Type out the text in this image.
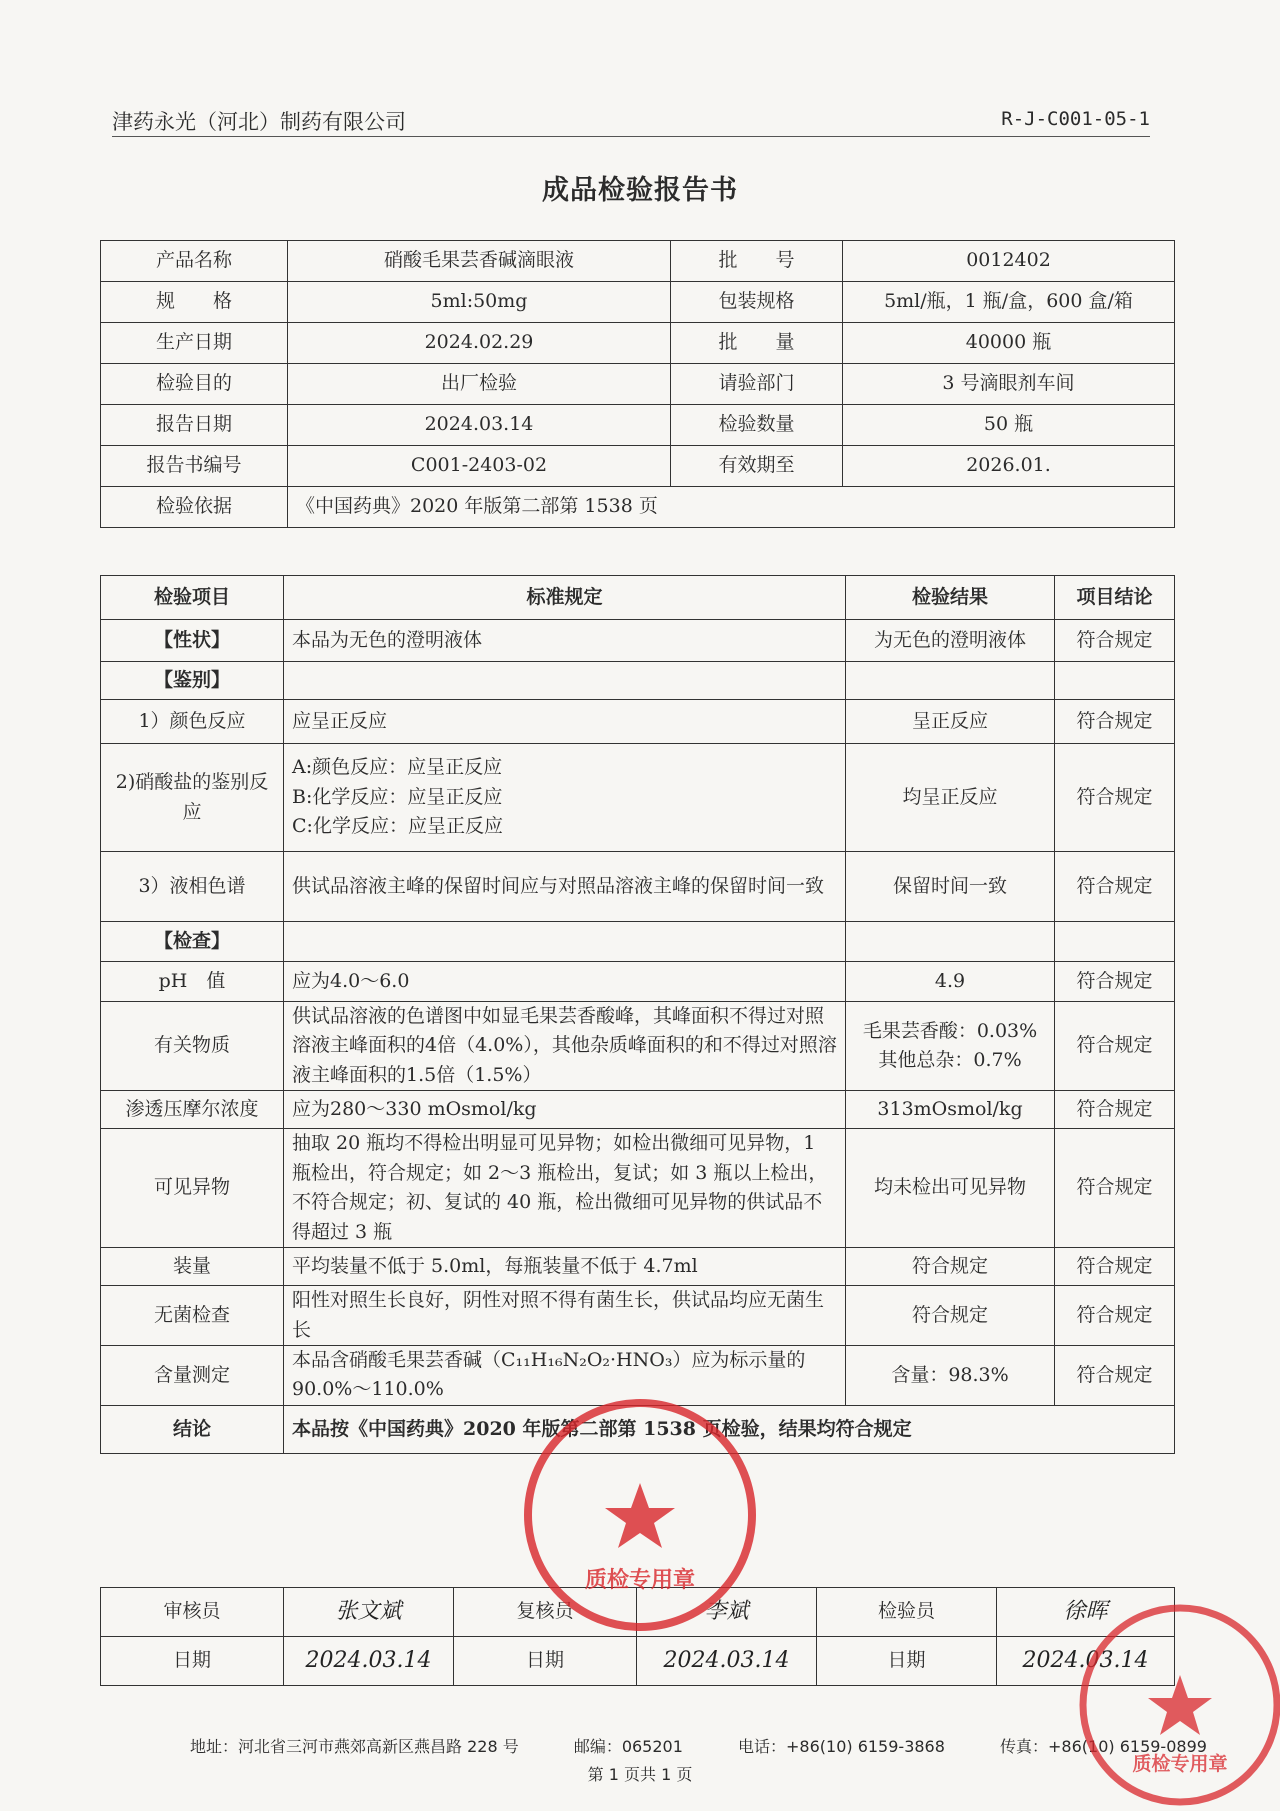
津药永光（河北）制药有限公司	R-J-C001-05-1
成品检验报告书
产品名称	硝酸毛果芸香碱滴眼液	批　　号	0012402
规　　格	5ml:50mg	包装规格	5ml/瓶，1 瓶/盒，600 盒/箱
生产日期	2024.02.29	批　　量	40000 瓶
检验目的	出厂检验	请验部门	3 号滴眼剂车间
报告日期	2024.03.14	检验数量	50 瓶
报告书编号	C001-2403-02	有效期至	2026.01.
检验依据	《中国药典》2020 年版第二部第 1538 页		
检验项目	标准规定	检验结果	项目结论
【性状】	本品为无色的澄明液体	为无色的澄明液体	符合规定
【鉴别】			
1）颜色反应	应呈正反应	呈正反应	符合规定
2)硝酸盐的鉴别反应	A:颜色反应：应呈正反应
B:化学反应：应呈正反应
C:化学反应：应呈正反应	均呈正反应	符合规定
3）液相色谱	供试品溶液主峰的保留时间应与对照品溶液主峰的保留时间一致	保留时间一致	符合规定
【检查】			
pH　值	应为4.0～6.0	4.9	符合规定
有关物质	供试品溶液的色谱图中如显毛果芸香酸峰，其峰面积不得过对照溶液主峰面积的4倍（4.0%），其他杂质峰面积的和不得过对照溶液主峰面积的1.5倍（1.5%）	毛果芸香酸：0.03%
其他总杂：0.7%	符合规定
渗透压摩尔浓度	应为280～330 mOsmol/kg	313mOsmol/kg	符合规定
可见异物	抽取 20 瓶均不得检出明显可见异物；如检出微细可见异物，1 瓶检出，符合规定；如 2～3 瓶检出，复试；如 3 瓶以上检出，不符合规定；初、复试的 40 瓶，检出微细可见异物的供试品不得超过 3 瓶	均未检出可见异物	符合规定
装量	平均装量不低于 5.0ml，每瓶装量不低于 4.7ml	符合规定	符合规定
无菌检查	阳性对照生长良好，阴性对照不得有菌生长，供试品均应无菌生长	符合规定	符合规定
含量测定	本品含硝酸毛果芸香碱（C₁₁H₁₆N₂O₂·HNO₃）应为标示量的90.0%～110.0%	含量：98.3%	符合规定
结论	本品按《中国药典》2020 年版第二部第 1538 页检验，结果均符合规定		
审核员	张文斌	复核员	李斌	检验员	徐晖
日期	2024.03.14	日期	2024.03.14	日期	2024.03.14
地址：河北省三河市燕郊高新区燕昌路 228 号	邮编：065201	电话：+86(10) 6159-3868	传真：+86(10) 6159-0899
第 1 页共 1 页
质检专用章
质检专用章
